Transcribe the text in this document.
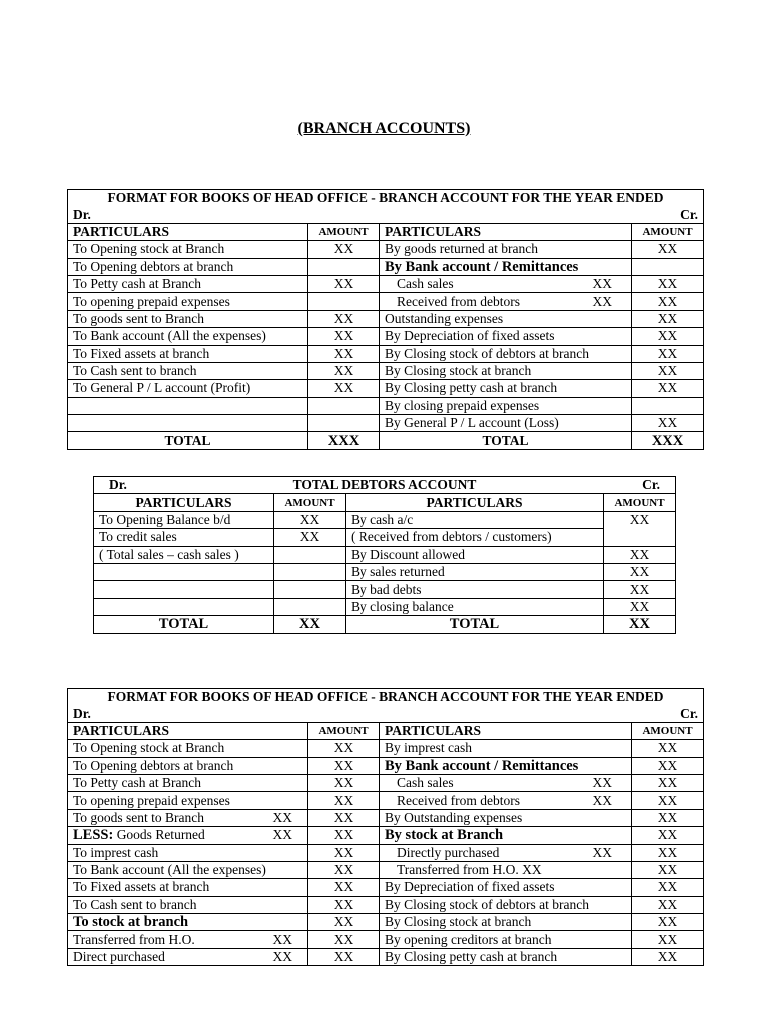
(BRANCH ACCOUNTS)
FORMAT FOR BOOKS OF HEAD OFFICE - BRANCH ACCOUNT FOR THE YEAR ENDED			

Dr. Cr.			

PARTICULARS	AMOUNT	PARTICULARS	AMOUNT

To Opening stock at Branch	XX	By goods returned at branch	XX

To Opening debtors at branch		By Bank account / Remittances	

To Petty cash at Branch	XX	Cash sales XX	XX

To opening prepaid expenses		Received from debtors XX	XX

To goods sent to Branch	XX	Outstanding expenses	XX

To Bank account (All the expenses)	XX	By Depreciation of fixed assets	XX

To Fixed assets at branch	XX	By Closing stock of debtors at branch	XX

To Cash sent to branch	XX	By Closing stock at branch	XX

To General P / L account (Profit)	XX	By Closing petty cash at branch	XX

		By closing prepaid expenses	

		By General P / L account (Loss)	XX
TOTAL	XXX	TOTAL	XXX
Dr. TOTAL DEBTORS ACCOUNT Cr.			

PARTICULARS	AMOUNT	PARTICULARS	AMOUNT

To Opening Balance b/d	XX	By cash a/c	XX

To credit sales	XX	( Received from debtors / customers)	

( Total sales – cash sales )		By Discount allowed	XX

		By sales returned	XX

		By bad debts	XX

		By closing balance	XX
TOTAL	XX	TOTAL	XX
FORMAT FOR BOOKS OF HEAD OFFICE - BRANCH ACCOUNT FOR THE YEAR ENDED			

Dr. Cr.			

PARTICULARS	AMOUNT	PARTICULARS	AMOUNT

To Opening stock at Branch	XX	By imprest cash	XX

To Opening debtors at branch	XX	By Bank account / Remittances	XX

To Petty cash at Branch	XX	Cash sales XX	XX

To opening prepaid expenses	XX	Received from debtors XX	XX

To goods sent to Branch XX	XX	By Outstanding expenses	XX

LESS: Goods Returned XX	XX	By stock at Branch	XX

To imprest cash	XX	Directly purchased XX	XX

To Bank account (All the expenses)	XX	Transferred from H.O. XX	XX

To Fixed assets at branch	XX	By Depreciation of fixed assets	XX

To Cash sent to branch	XX	By Closing stock of debtors at branch	XX

To stock at branch	XX	By Closing stock at branch	XX

Transferred from H.O. XX	XX	By opening creditors at branch	XX

Direct purchased XX	XX	By Closing petty cash at branch	XX
